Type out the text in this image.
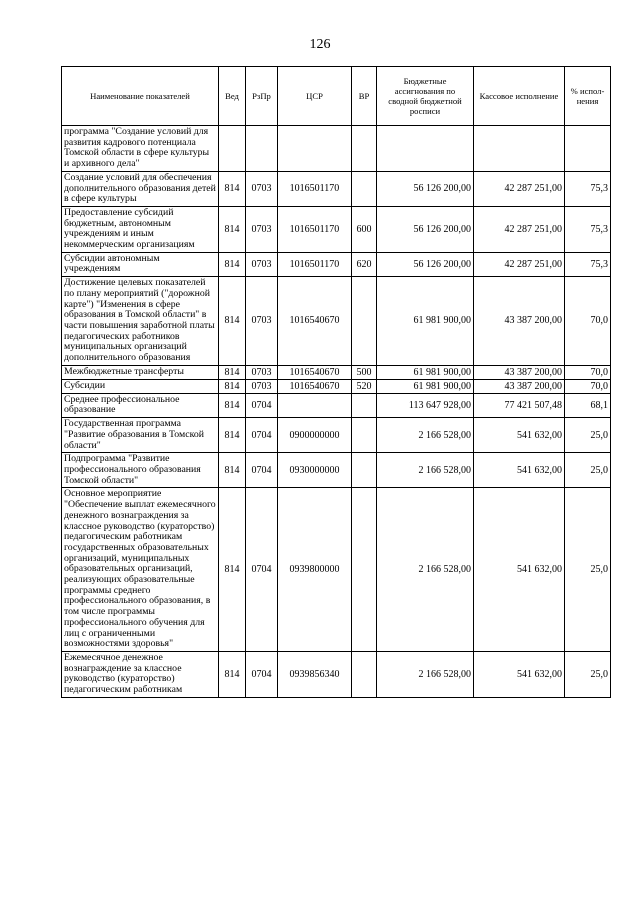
126
Наименование показателей	Вед	РзПр	ЦСР	ВР	Бюджетные ассигнования по сводной бюджетной росписи	Кассовое исполнение	% испол-нения
программа "Создание условий для развития кадрового потенциала Томской области в сфере культуры и архивного дела"							
Создание условий для обеспечения дополнительного образования детей в сфере культуры	814	0703	1016501170		56 126 200,00	42 287 251,00	75,3
Предоставление субсидий бюджетным, автономным учреждениям и иным некоммерческим организациям	814	0703	1016501170	600	56 126 200,00	42 287 251,00	75,3
Субсидии автономным учреждениям	814	0703	1016501170	620	56 126 200,00	42 287 251,00	75,3
Достижение целевых показателей по плану мероприятий ("дорожной карте") "Изменения в сфере образования в Томской области" в части повышения заработной платы педагогических работников муниципальных организаций дополнительного образования	814	0703	1016540670		61 981 900,00	43 387 200,00	70,0
Межбюджетные трансферты	814	0703	1016540670	500	61 981 900,00	43 387 200,00	70,0
Субсидии	814	0703	1016540670	520	61 981 900,00	43 387 200,00	70,0
Среднее профессиональное образование	814	0704			113 647 928,00	77 421 507,48	68,1
Государственная программа "Развитие образования в Томской области"	814	0704	0900000000		2 166 528,00	541 632,00	25,0
Подпрограмма "Развитие профессионального образования Томской области"	814	0704	0930000000		2 166 528,00	541 632,00	25,0
Основное мероприятие "Обеспечение выплат ежемесячного денежного вознаграждения за классное руководство (кураторство) педагогическим работникам государственных образовательных организаций, муниципальных образовательных организаций, реализующих образовательные программы среднего профессионального образования, в том числе программы профессионального обучения для лиц с ограниченными возможностями здоровья"	814	0704	0939800000		2 166 528,00	541 632,00	25,0
Ежемесячное денежное вознаграждение за классное руководство (кураторство) педагогическим работникам	814	0704	0939856340		2 166 528,00	541 632,00	25,0
